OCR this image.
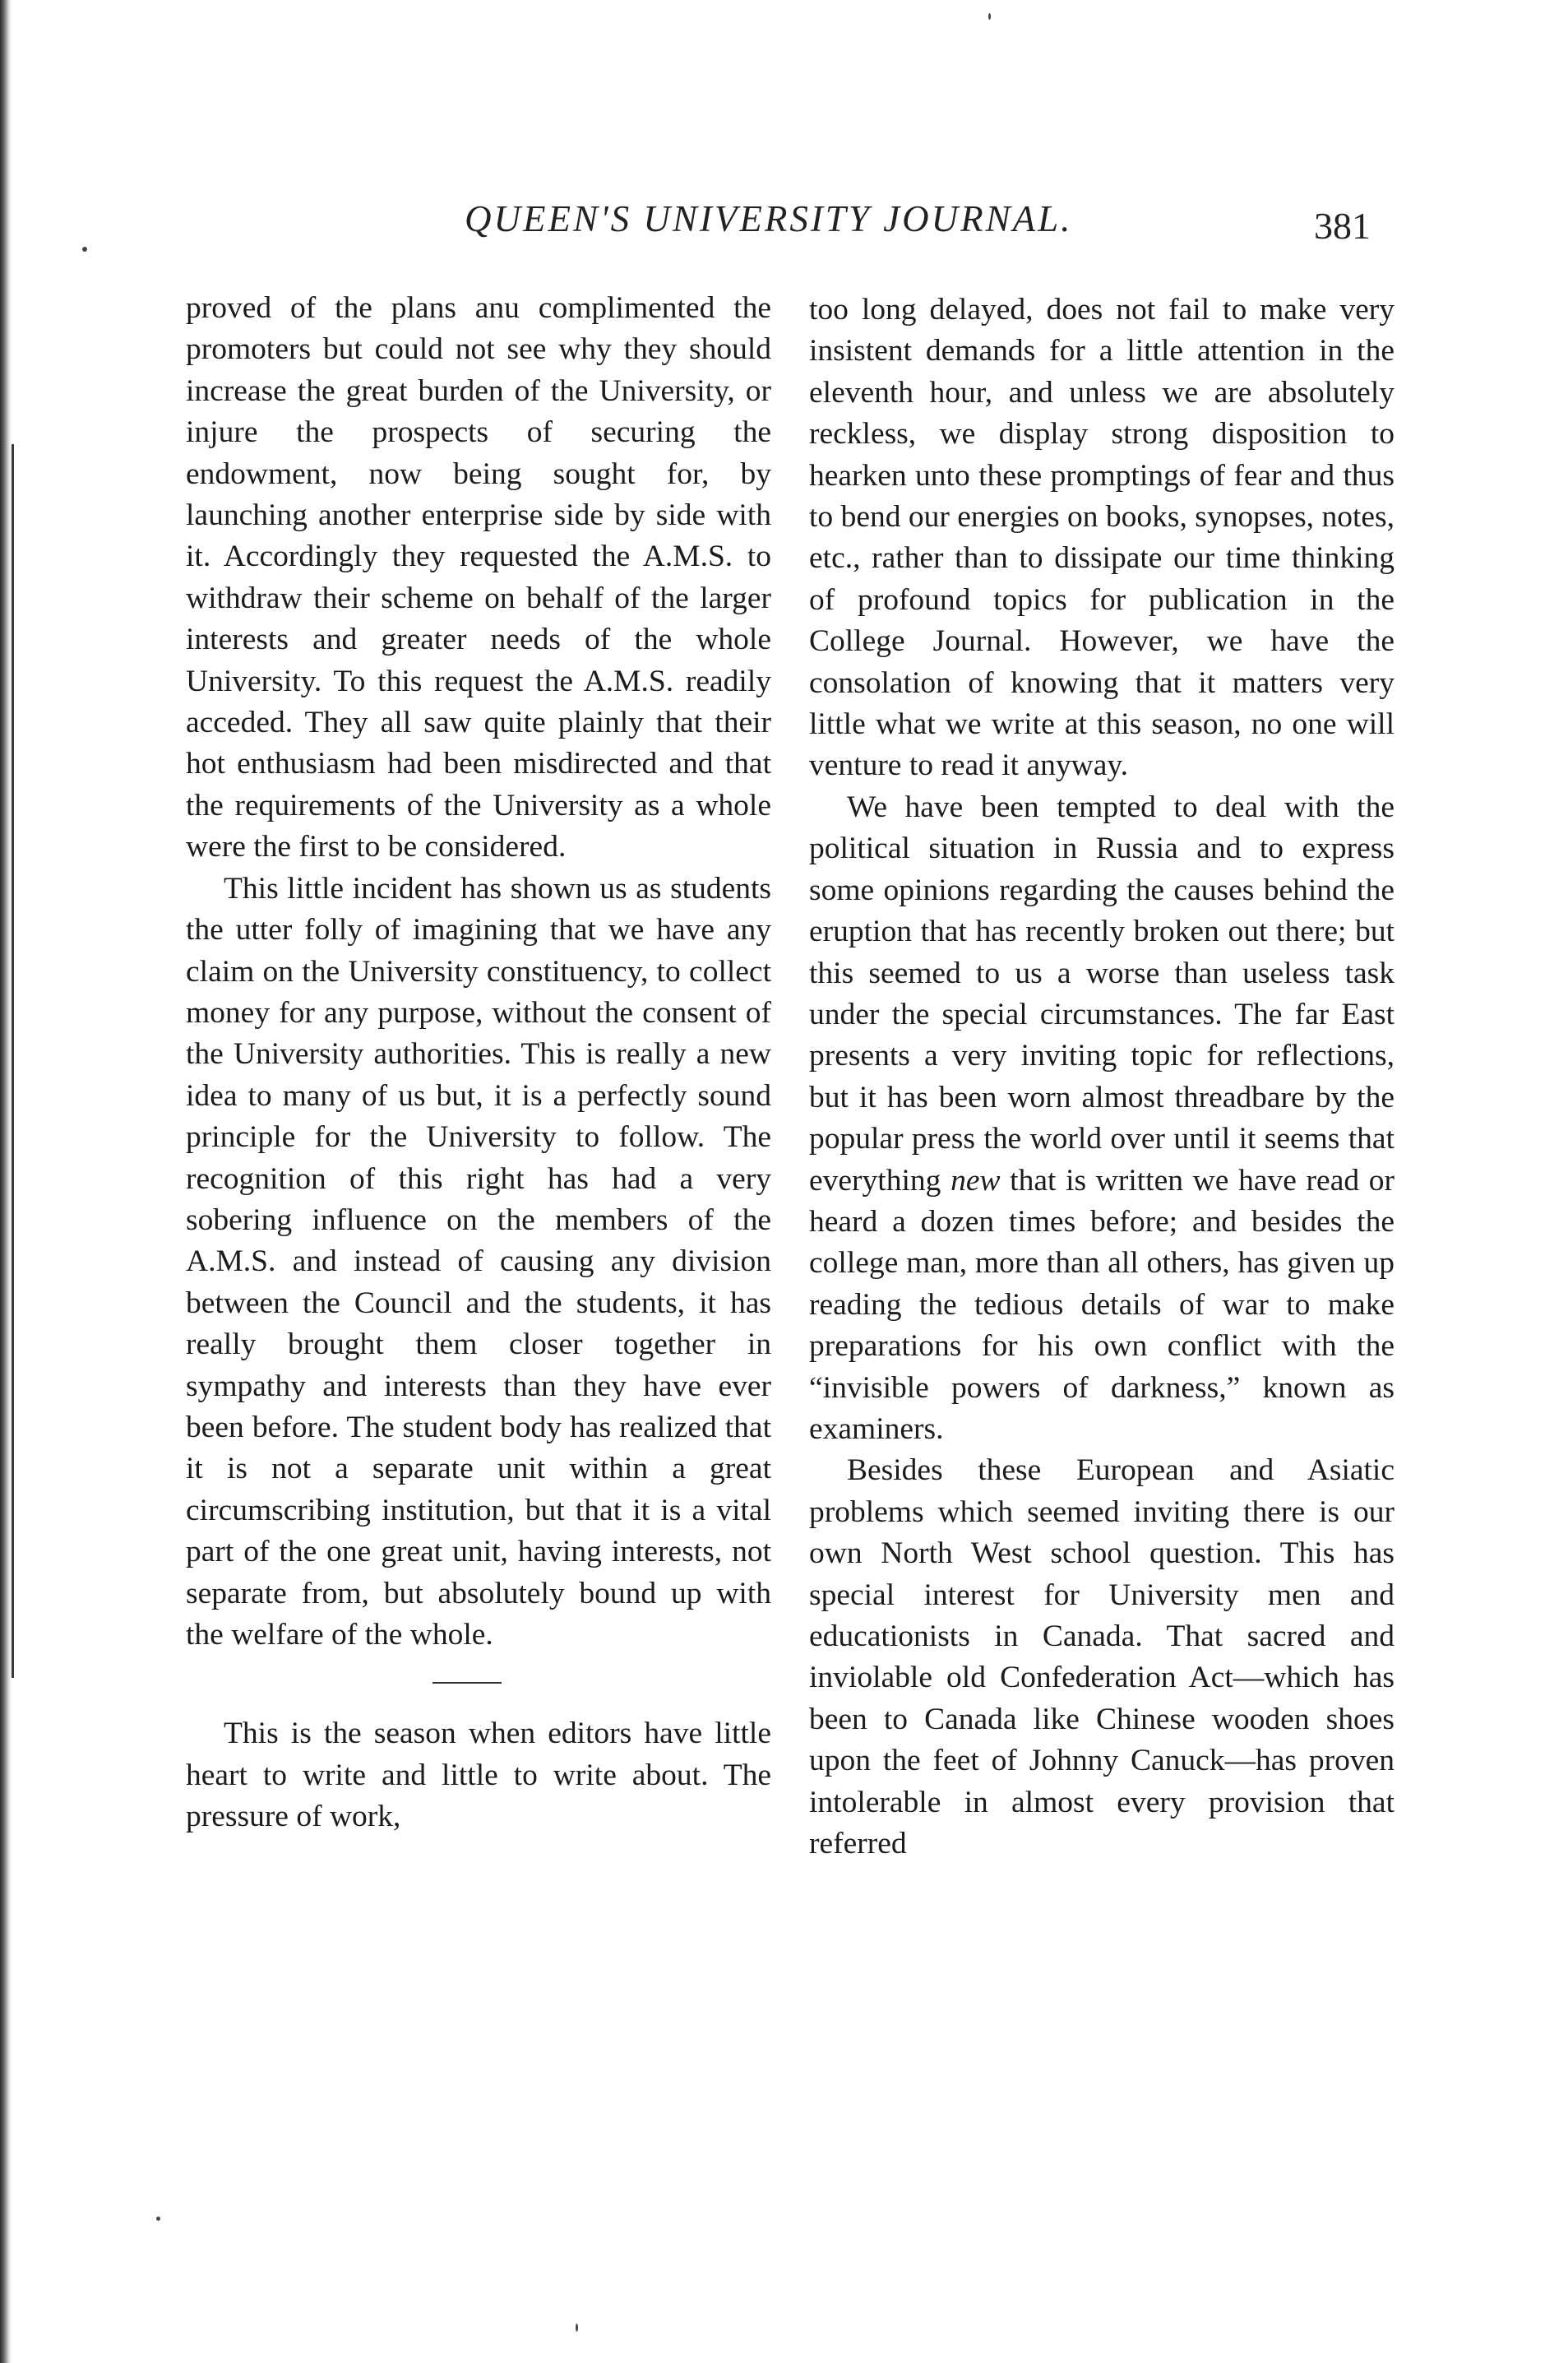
QUEEN'S UNIVERSITY JOURNAL.	381

proved of the plans anu complimented the promoters but could not see why they should increase the great burden of the University, or injure the prospects of securing the endowment, now being sought for, by launching another enterprise side by side with it. Accordingly they requested the A.M.S. to withdraw their scheme on behalf of the larger interests and greater needs of the whole University. To this request the A.M.S. readily acceded. They all saw quite plainly that their hot enthusiasm had been misdirected and that the requirements of the University as a whole were the first to be considered.

This little incident has shown us as students the utter folly of imagining that we have any claim on the University constituency, to collect money for any purpose, without the consent of the University authorities. This is really a new idea to many of us but, it is a perfectly sound principle for the University to follow. The recognition of this right has had a very sobering influence on the members of the A.M.S. and instead of causing any division between the Council and the students, it has really brought them closer together in sympathy and interests than they have ever been before. The student body has realized that it is not a separate unit within a great circumscribing institution, but that it is a vital part of the one great unit, having interests, not separate from, but absolutely bound up with the welfare of the whole.

This is the season when editors have little heart to write and little to write about. The pressure of work,

too long delayed, does not fail to make very insistent demands for a little attention in the eleventh hour, and unless we are absolutely reckless, we display strong disposition to hearken unto these promptings of fear and thus to bend our energies on books, synopses, notes, etc., rather than to dissipate our time thinking of profound topics for publication in the College Journal. However, we have the consolation of knowing that it matters very little what we write at this season, no one will venture to read it anyway.

We have been tempted to deal with the political situation in Russia and to express some opinions regarding the causes behind the eruption that has recently broken out there; but this seemed to us a worse than useless task under the special circumstances. The far East presents a very inviting topic for reflections, but it has been worn almost threadbare by the popular press the world over until it seems that everything new that is written we have read or heard a dozen times before; and besides the college man, more than all others, has given up reading the tedious details of war to make preparations for his own conflict with the “invisible powers of darkness,” known as examiners.

Besides these European and Asiatic problems which seemed inviting there is our own North West school question. This has special interest for University men and educationists in Canada. That sacred and inviolable old Confederation Act—which has been to Canada like Chinese wooden shoes upon the feet of Johnny Canuck—has proven intolerable in almost every provision that referred
